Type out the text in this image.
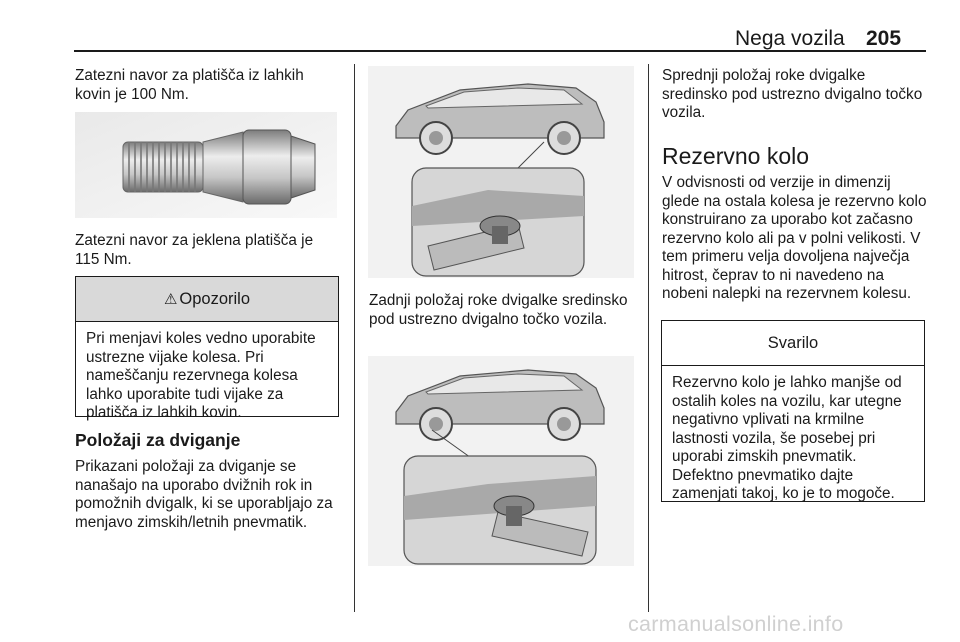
Nega vozila 205
Zatezni navor za platišča iz lahkih kovin je 100 Nm.
Zatezni navor za jeklena platišča je 115 Nm.
⚠ Opozorilo
Pri menjavi koles vedno uporabite ustrezne vijake kolesa. Pri nameščanju rezervnega kolesa lahko uporabite tudi vijake za platišča iz lahkih kovin.
Položaji za dviganje
Prikazani položaji za dviganje se nanašajo na uporabo dvižnih rok in pomožnih dvigalk, ki se uporabljajo za menjavo zimskih/letnih pnevmatik.
Zadnji položaj roke dvigalke sredinsko pod ustrezno dvigalno točko vozila.
Sprednji položaj roke dvigalke sredinsko pod ustrezno dvigalno točko vozila.
Rezervno kolo
V odvisnosti od verzije in dimenzij glede na ostala kolesa je rezervno kolo konstruirano za uporabo kot začasno rezervno kolo ali pa v polni velikosti. V tem primeru velja dovoljena največja hitrost, čeprav to ni navedeno na nobeni nalepki na rezervnem kolesu.
Svarilo
Rezervno kolo je lahko manjše od ostalih koles na vozilu, kar utegne negativno vplivati na krmilne lastnosti vozila, še posebej pri uporabi zimskih pnevmatik. Defektno pnevmatiko dajte zamenjati takoj, ko je to mogoče.
carmanualsonline.info
